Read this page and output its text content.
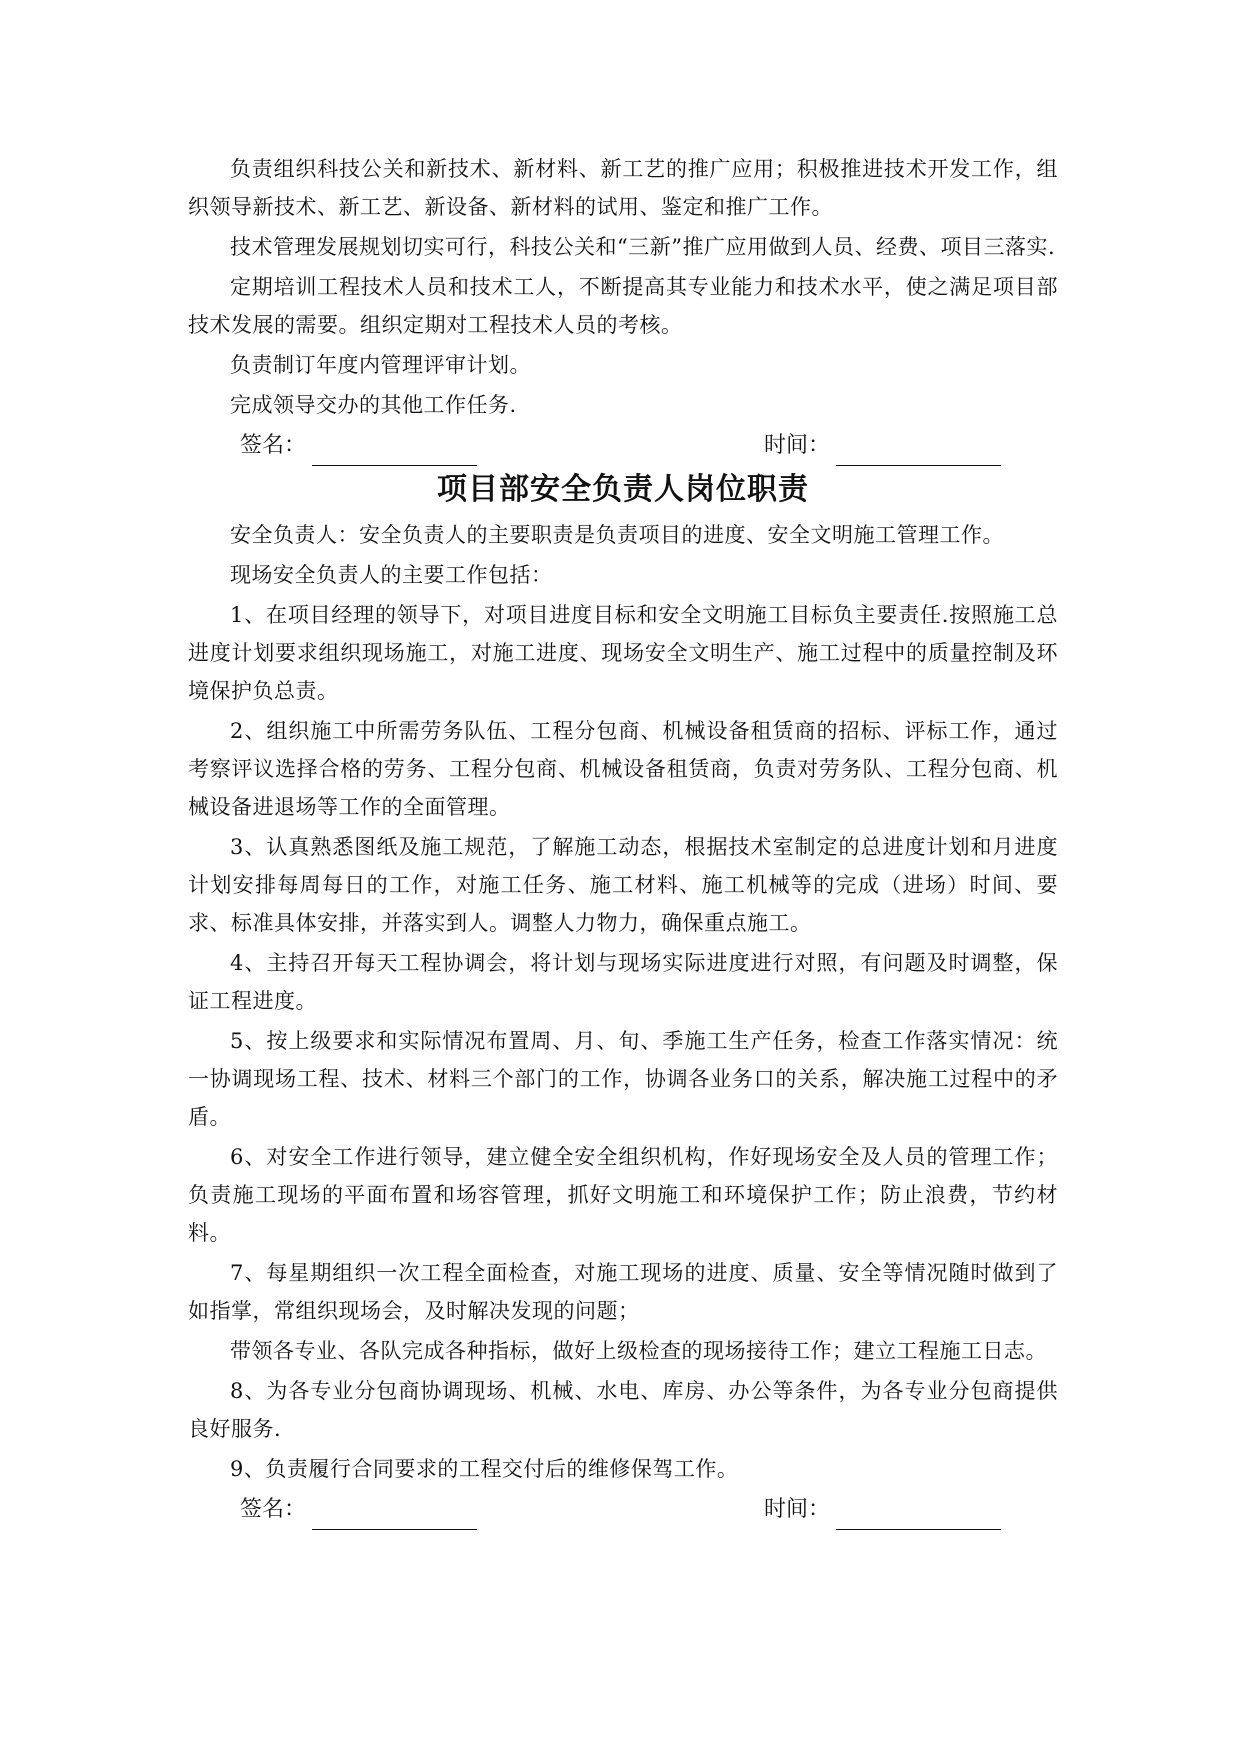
负责组织科技公关和新技术、新材料、新工艺的推广应用；积极推进技术开发工作，组织领导新技术、新工艺、新设备、新材料的试用、鉴定和推广工作。

技术管理发展规划切实可行，科技公关和“三新”推广应用做到人员、经费、项目三落实.

定期培训工程技术人员和技术工人，不断提高其专业能力和技术水平，使之满足项目部技术发展的需要。组织定期对工程技术人员的考核。

负责制订年度内管理评审计划。

完成领导交办的其他工作任务.

签名：	时间：
项目部安全负责人岗位职责

安全负责人：安全负责人的主要职责是负责项目的进度、安全文明施工管理工作。

现场安全负责人的主要工作包括：

1、在项目经理的领导下，对项目进度目标和安全文明施工目标负主要责任.按照施工总进度计划要求组织现场施工，对施工进度、现场安全文明生产、施工过程中的质量控制及环境保护负总责。

2、组织施工中所需劳务队伍、工程分包商、机械设备租赁商的招标、评标工作，通过考察评议选择合格的劳务、工程分包商、机械设备租赁商，负责对劳务队、工程分包商、机械设备进退场等工作的全面管理。

3、认真熟悉图纸及施工规范，了解施工动态，根据技术室制定的总进度计划和月进度计划安排每周每日的工作，对施工任务、施工材料、施工机械等的完成（进场）时间、要求、标准具体安排，并落实到人。调整人力物力，确保重点施工。

4、主持召开每天工程协调会，将计划与现场实际进度进行对照，有问题及时调整，保证工程进度。

5、按上级要求和实际情况布置周、月、旬、季施工生产任务，检查工作落实情况：统一协调现场工程、技术、材料三个部门的工作，协调各业务口的关系，解决施工过程中的矛盾。

6、对安全工作进行领导，建立健全安全组织机构，作好现场安全及人员的管理工作；负责施工现场的平面布置和场容管理，抓好文明施工和环境保护工作；防止浪费，节约材料。

7、每星期组织一次工程全面检查，对施工现场的进度、质量、安全等情况随时做到了如指掌，常组织现场会，及时解决发现的问题；

带领各专业、各队完成各种指标，做好上级检查的现场接待工作；建立工程施工日志。

8、为各专业分包商协调现场、机械、水电、库房、办公等条件，为各专业分包商提供良好服务.

9、负责履行合同要求的工程交付后的维修保驾工作。

签名：	时间：
